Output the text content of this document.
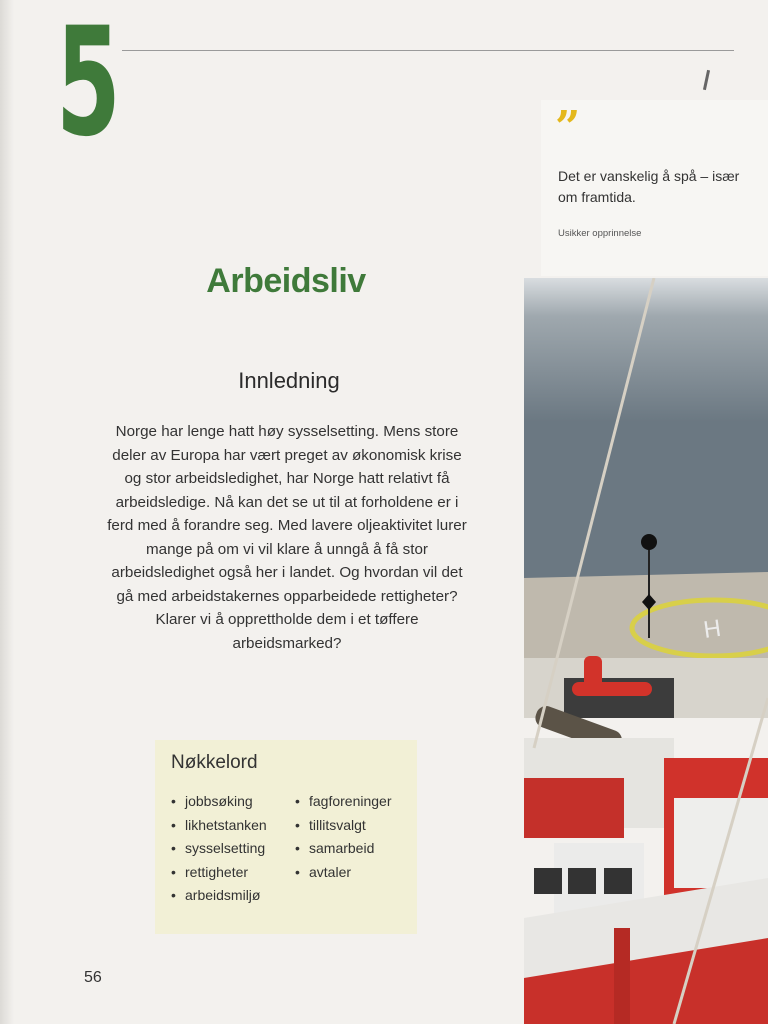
5	”
Det er vanskelig å spå – især om framtida.
Usikker opprinnelse
Arbeidsliv
Innledning
Norge har lenge hatt høy sysselsetting. Mens store deler av Europa har vært preget av økonomisk krise og stor arbeidsledighet, har Norge hatt relativt få arbeidsledige. Nå kan det se ut til at forholdene er i ferd med å forandre seg. Med lavere oljeaktivitet lurer mange på om vi vil klare å unngå å få stor arbeidsledighet også her i landet. Og hvordan vil det gå med arbeidstakernes opparbeidede rettigheter? Klarer vi å opprettholde dem i et tøffere arbeidsmarked?
Nøkkelord
• jobbsøking
• likhetstanken
• sysselsetting
• rettigheter
• arbeidsmiljø
• fagforeninger
• tillitsvalgt
• samarbeid
• avtaler
H
56
